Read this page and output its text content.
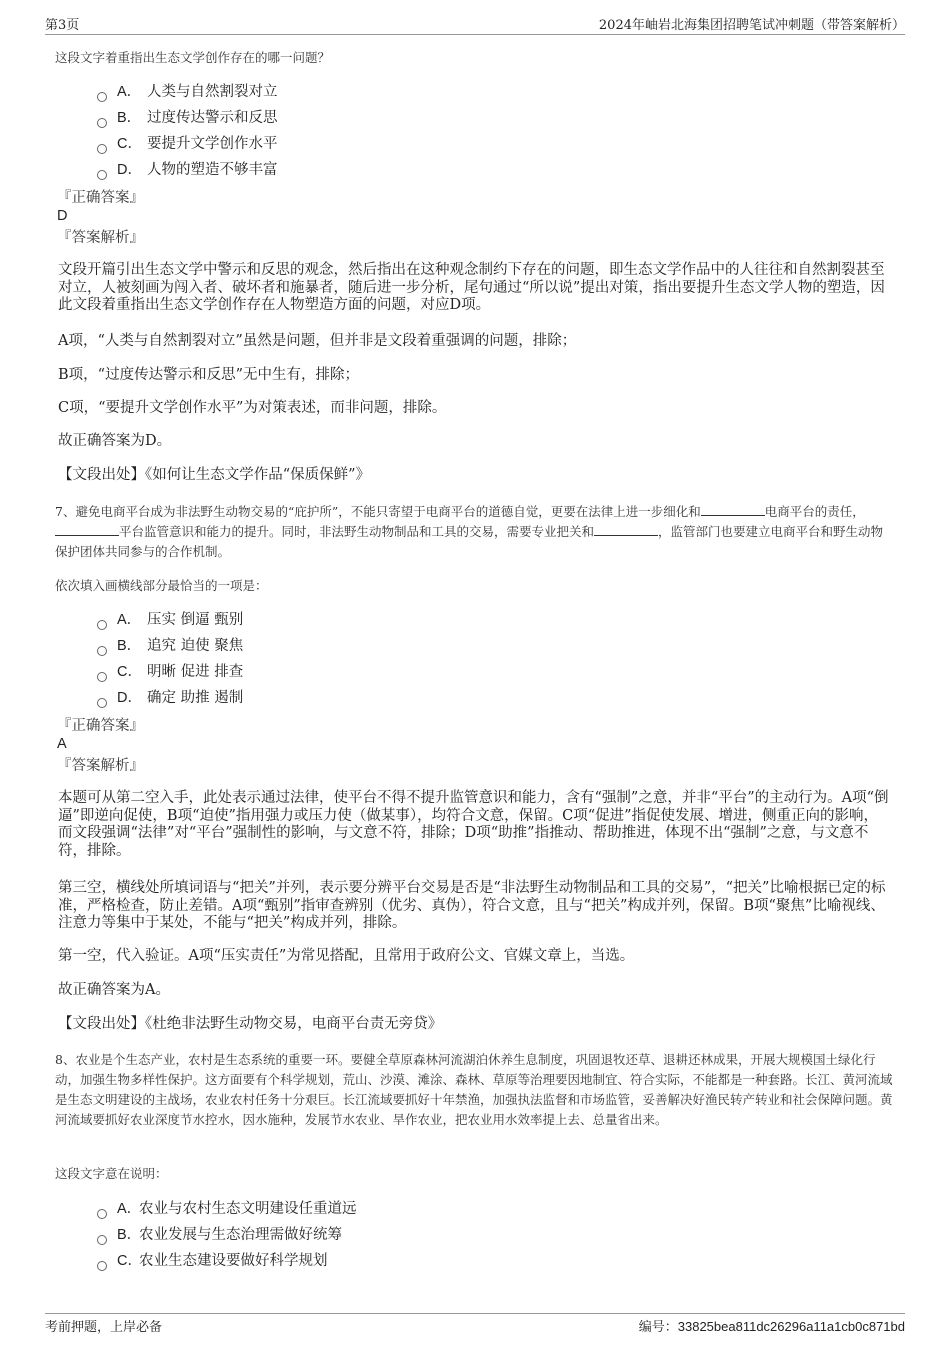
第3页	2024年岫岩北海集团招聘笔试冲刺题（带答案解析）
这段文字着重指出生态文学创作存在的哪一问题？
A． 人类与自然割裂对立
B． 过度传达警示和反思
C． 要提升文学创作水平
D． 人物的塑造不够丰富
『正确答案』
D
『答案解析』
文段开篇引出生态文学中警示和反思的观念，然后指出在这种观念制约下存在的问题，即生态文学作品中的人往往和自然割裂甚至对立，人被刻画为闯入者、破坏者和施暴者，随后进一步分析，尾句通过“所以说”提出对策，指出要提升生态文学人物的塑造，因此文段着重指出生态文学创作存在人物塑造方面的问题，对应D项。
A项，“人类与自然割裂对立”虽然是问题，但并非是文段着重强调的问题，排除；
B项，“过度传达警示和反思”无中生有，排除；
C项，“要提升文学创作水平”为对策表述，而非问题，排除。
故正确答案为D。
【文段出处】《如何让生态文学作品“保质保鲜”》
7、避免电商平台成为非法野生动物交易的“庇护所”，不能只寄望于电商平台的道德自觉，更要在法律上进一步细化和	电商平台的责任，平台监管意识和能力的提升。同时，非法野生动物制品和工具的交易，需要专业把关和	，监管部门也要建立电商平台和野生动物保护团体共同参与的合作机制。
依次填入画横线部分最恰当的一项是：
A． 压实 倒逼 甄别
B． 追究 迫使 聚焦
C． 明晰 促进 排查
D． 确定 助推 遏制
『正确答案』
A
『答案解析』
本题可从第二空入手，此处表示通过法律，使平台不得不提升监管意识和能力，含有“强制”之意，并非“平台”的主动行为。A项“倒逼”即逆向促使，B项“迫使”指用强力或压力使（做某事），均符合文意，保留。C项“促进”指促使发展、增进，侧重正向的影响，而文段强调“法律”对“平台”强制性的影响，与文意不符，排除；D项“助推”指推动、帮助推进，体现不出“强制”之意，与文意不符，排除。
第三空，横线处所填词语与“把关”并列，表示要分辨平台交易是否是“非法野生动物制品和工具的交易”，“把关”比喻根据已定的标准，严格检查，防止差错。A项“甄别”指审查辨别（优劣、真伪），符合文意，且与“把关”构成并列，保留。B项“聚焦”比喻视线、注意力等集中于某处，不能与“把关”构成并列，排除。
第一空，代入验证。A项“压实责任”为常见搭配，且常用于政府公文、官媒文章上，当选。
故正确答案为A。
【文段出处】《杜绝非法野生动物交易，电商平台责无旁贷》
8、农业是个生态产业，农村是生态系统的重要一环。要健全草原森林河流湖泊休养生息制度，巩固退牧还草、退耕还林成果，开展大规模国土绿化行动，加强生物多样性保护。这方面要有个科学规划，荒山、沙漠、滩涂、森林、草原等治理要因地制宜、符合实际，不能都是一种套路。长江、黄河流域是生态文明建设的主战场，农业农村任务十分艰巨。长江流域要抓好十年禁渔，加强执法监督和市场监管，妥善解决好渔民转产转业和社会保障问题。黄河流域要抓好农业深度节水控水，因水施种，发展节水农业、旱作农业，把农业用水效率提上去、总量省出来。
这段文字意在说明：
A．农业与农村生态文明建设任重道远
B．农业发展与生态治理需做好统筹
C．农业生态建设要做好科学规划
考前押题，上岸必备	编号：33825bea811dc26296a11a1cb0c871bd
